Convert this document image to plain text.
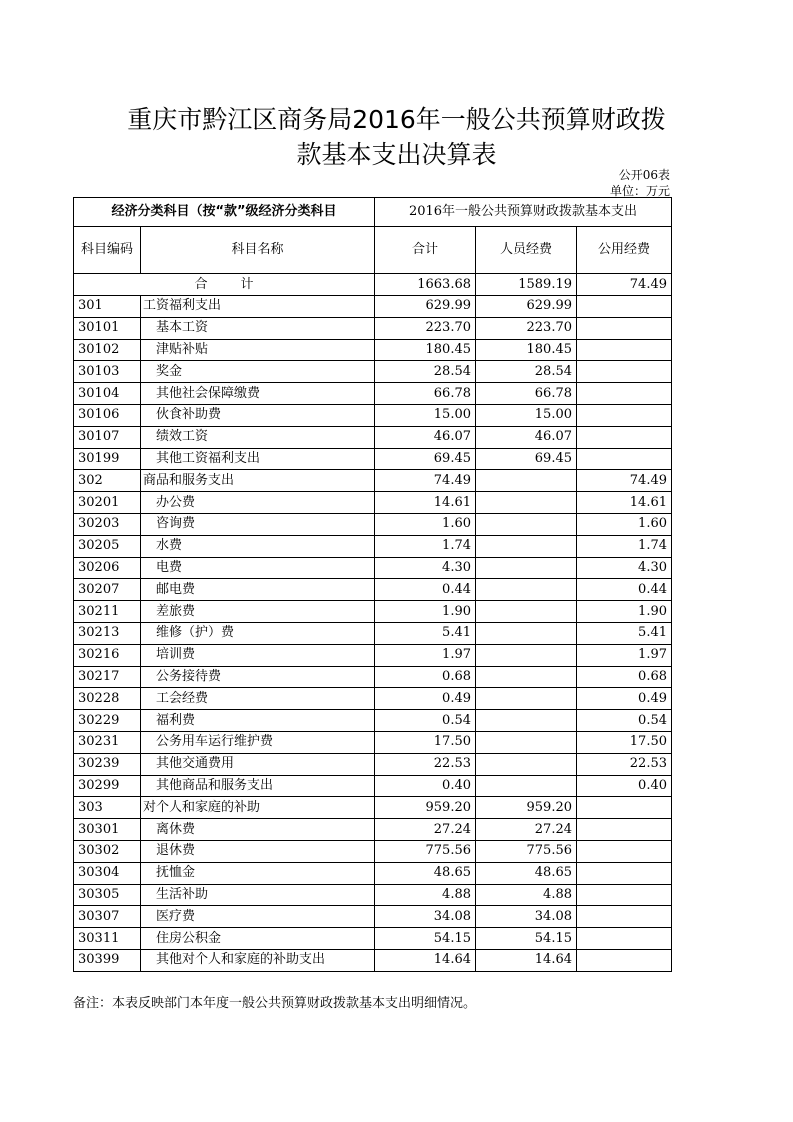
重庆市黔江区商务局2016年一般公共预算财政拨
款基本支出决算表
公开06表
单位：万元
经济分类科目（按“款”级经济分类科目		2016年一般公共预算财政拨款基本支出		
科目编码	科目名称	合计	人员经费	公用经费
合        计		1663.68	1589.19	74.49
301	工资福利支出	629.99	629.99	
30101	基本工资	223.70	223.70	
30102	津贴补贴	180.45	180.45	
30103	奖金	28.54	28.54	
30104	其他社会保障缴费	66.78	66.78	
30106	伙食补助费	15.00	15.00	
30107	绩效工资	46.07	46.07	
30199	其他工资福利支出	69.45	69.45	
302	商品和服务支出	74.49		74.49
30201	办公费	14.61		14.61
30203	咨询费	1.60		1.60
30205	水费	1.74		1.74
30206	电费	4.30		4.30
30207	邮电费	0.44		0.44
30211	差旅费	1.90		1.90
30213	维修（护）费	5.41		5.41
30216	培训费	1.97		1.97
30217	公务接待费	0.68		0.68
30228	工会经费	0.49		0.49
30229	福利费	0.54		0.54
30231	公务用车运行维护费	17.50		17.50
30239	其他交通费用	22.53		22.53
30299	其他商品和服务支出	0.40		0.40
303	对个人和家庭的补助	959.20	959.20	
30301	离休费	27.24	27.24	
30302	退休费	775.56	775.56	
30304	抚恤金	48.65	48.65	
30305	生活补助	4.88	4.88	
30307	医疗费	34.08	34.08	
30311	住房公积金	54.15	54.15	
30399	其他对个人和家庭的补助支出	14.64	14.64	
备注：本表反映部门本年度一般公共预算财政拨款基本支出明细情况。
